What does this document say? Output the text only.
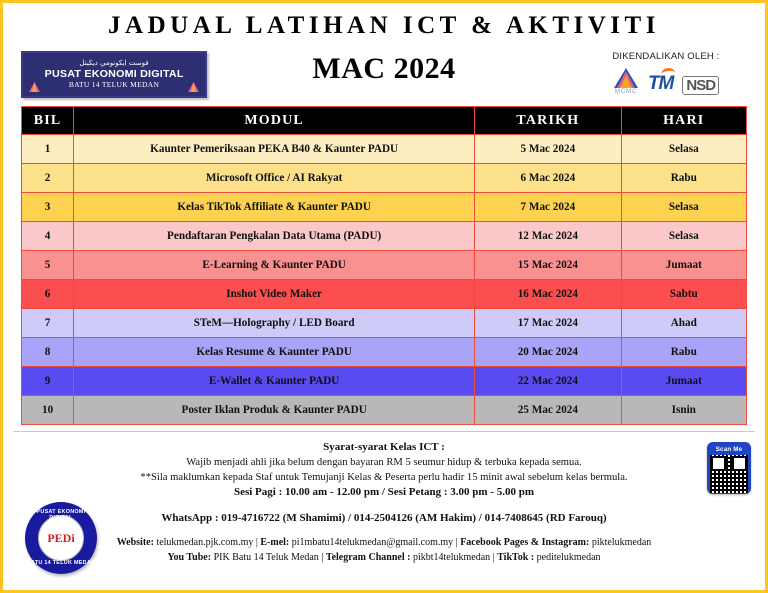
JADUAL LATIHAN ICT & AKTIVITI
MAC 2024
فوست ايكونومي ديڬيتل
PUSAT EKONOMI DIGITAL
BATU 14 TELUK MEDAN
DIKENDALIKAN OLEH :
MCMC TM NSD
BIL	MODUL	TARIKH	HARI
1	Kaunter Pemeriksaan PEKA B40 & Kaunter PADU	5 Mac 2024	Selasa
2	Microsoft Office / AI Rakyat	6 Mac 2024	Rabu
3	Kelas TikTok Affiliate & Kaunter PADU	7 Mac 2024	Selasa
4	Pendaftaran Pengkalan Data Utama (PADU)	12 Mac 2024	Selasa
5	E-Learning & Kaunter PADU	15 Mac 2024	Jumaat
6	Inshot Video Maker	16 Mac 2024	Sabtu
7	STeM—Holography / LED Board	17 Mac 2024	Ahad
8	Kelas Resume & Kaunter PADU	20 Mac 2024	Rabu
9	E-Wallet & Kaunter PADU	22 Mac 2024	Jumaat
10	Poster Iklan Produk & Kaunter PADU	25 Mac 2024	Isnin
Syarat-syarat Kelas ICT :
Wajib menjadi ahli jika belum dengan bayaran RM 5 seumur hidup & terbuka kepada semua.
**Sila maklumkan kepada Staf untuk Temujanji Kelas & Peserta perlu hadir 15 minit awal sebelum kelas bermula.
Sesi Pagi : 10.00 am - 12.00 pm / Sesi Petang : 3.00 pm - 5.00 pm
WhatsApp : 019-4716722 (M Shamimi) / 014-2504126 (AM Hakim) / 014-7408645 (RD Farouq)
Website: telukmedan.pjk.com.my | E-mel: pi1mbatu14telukmedan@gmail.com.my | Facebook Pages & Instagram: piktelukmedan
You Tube: PIK Batu 14 Teluk Medan | Telegram Channel : pikbt14telukmedan | TikTok : peditelukmedan
PUSAT EKONOMI DIGITAL
PEDi
BATU 14 TELUK MEDAN
Scan Me
